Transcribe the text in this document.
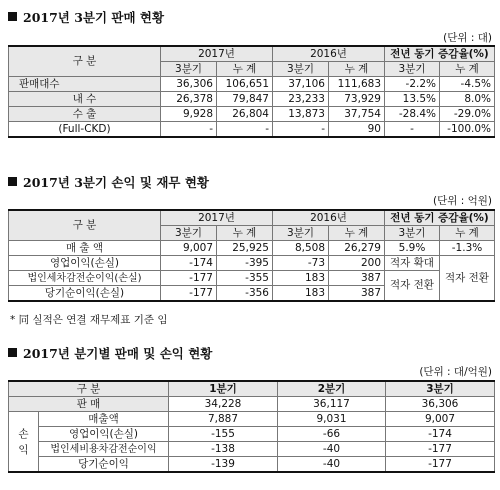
2017년 3분기 판매 현황
(단위 : 대)
구 분	2017년		2016년		전년 동기 증감율(%)	
	3분기	누 계	3분기	누 계	3분기	누 계
판매대수	36,306	106,651	37,106	111,683	-2.2%	-4.5%
내 수	26,378	79,847	23,233	73,929	13.5%	8.0%
수 출	9,928	26,804	13,873	37,754	-28.4%	-29.0%
(Full-CKD)	-	-	-	90	-	-100.0%
2017년 3분기 손익 및 재무 현황
(단위 : 억원)
구 분	2017년		2016년		전년 동기 증감율(%)	
	3분기	누 계	3분기	누 계	3분기	누 계
매 출 액	9,007	25,925	8,508	26,279	5.9%	-1.3%
영업이익(손실)	-174	-395	-73	200	적자 확대	적자 전환
법인세차감전순이익(손실)	-177	-355	183	387	적자 전환	
당기순이익(손실)	-177	-356	183	387		
* 同 실적은 연결 재무제표 기준 임
2017년 분기별 판매 및 손익 현황
(단위 : 대/억원)
구 분		1분기	2분기	3분기
판 매		34,228	36,117	36,306
손
익	매출액	7,887	9,031	9,007
	영업이익(손실)	-155	-66	-174
	법인세비용차감전순이익	-138	-40	-177
	당기순이익	-139	-40	-177
